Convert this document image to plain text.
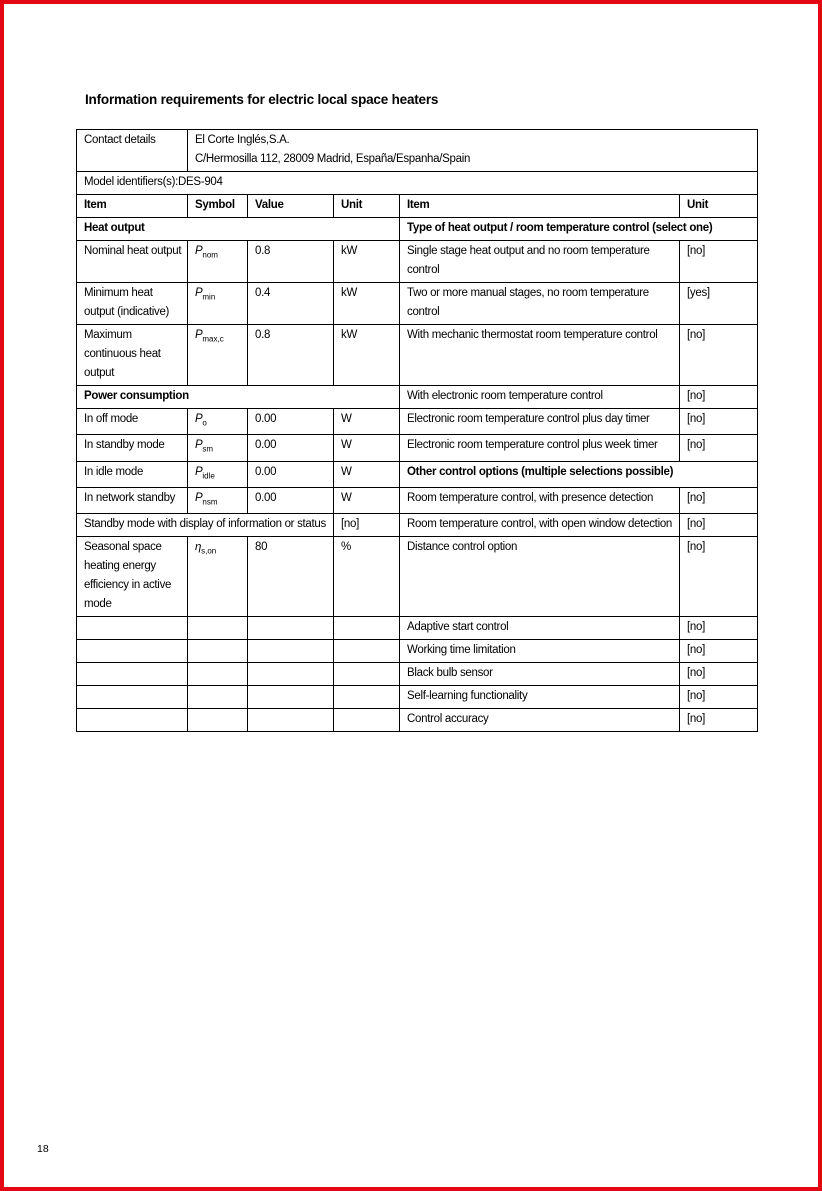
Information requirements for electric local space heaters
Contact details	El Corte Inglés,S.A.
C/Hermosilla 112, 28009 Madrid, España/Espanha/Spain				

Model identifiers(s):DES-904					
Item	Symbol	Value	Unit	Item	Unit
Heat output				Type of heat output / room temperature control (select one)	
Nominal heat output	$P_{nom}$	0.8	kW	Single stage heat output and no room temperature control	[no]
Minimum heat output (indicative)	$P_{min}$	0.4	kW	Two or more manual stages, no room temperature control	[yes]
Maximum continuous heat output	$P_{max,c}$	0.8	kW	With mechanic thermostat room temperature control	[no]
Power consumption				With electronic room temperature control	[no]
In off mode	$P_o$	0.00	W	Electronic room temperature control plus day timer	[no]
In standby mode	$P_{sm}$	0.00	W	Electronic room temperature control plus week timer	[no]
In idle mode	$P_{idle}$	0.00	W	Other control options (multiple selections possible)	
In network standby	$P_{nsm}$	0.00	W	Room temperature control, with presence detection	[no]
Standby mode with display of information or status			[no]	Room temperature control, with open window detection	[no]
Seasonal space heating energy efficiency in active mode	$\eta_{s,on}$	80	%	Distance control option	[no]
				Adaptive start control	[no]
				Working time limitation	[no]
				Black bulb sensor	[no]
				Self-learning functionality	[no]
				Control accuracy	[no]
18
